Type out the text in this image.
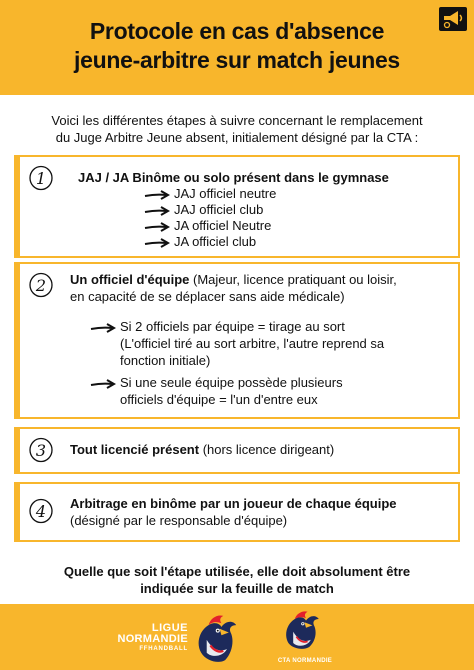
Protocole en cas d'absence
jeune-arbitre sur match jeunes
Voici les différentes étapes à suivre concernant le remplacement
du Juge Arbitre Jeune absent, initialement désigné par la CTA :
1 JAJ / JA Binôme ou solo présent dans le gymnase
JAJ officiel neutre
JAJ officiel club
JA officiel Neutre
JA officiel club
2 Un officiel d'équipe (Majeur, licence pratiquant ou loisir,
en capacité de se déplacer sans aide médicale)
Si 2 officiels par équipe = tirage au sort
(L'officiel tiré au sort arbitre, l'autre reprend sa
fonction initiale)
Si une seule équipe possède plusieurs
officiels d'équipe = l'un d'entre eux
3 Tout licencié présent (hors licence dirigeant)
4 Arbitrage en binôme par un joueur de chaque équipe
(désigné par le responsable d'équipe)
Quelle que soit l'étape utilisée, elle doit absolument être
indiquée sur la feuille de match
LIGUE
NORMANDIE
FFHANDBALL
CTA NORMANDIE
